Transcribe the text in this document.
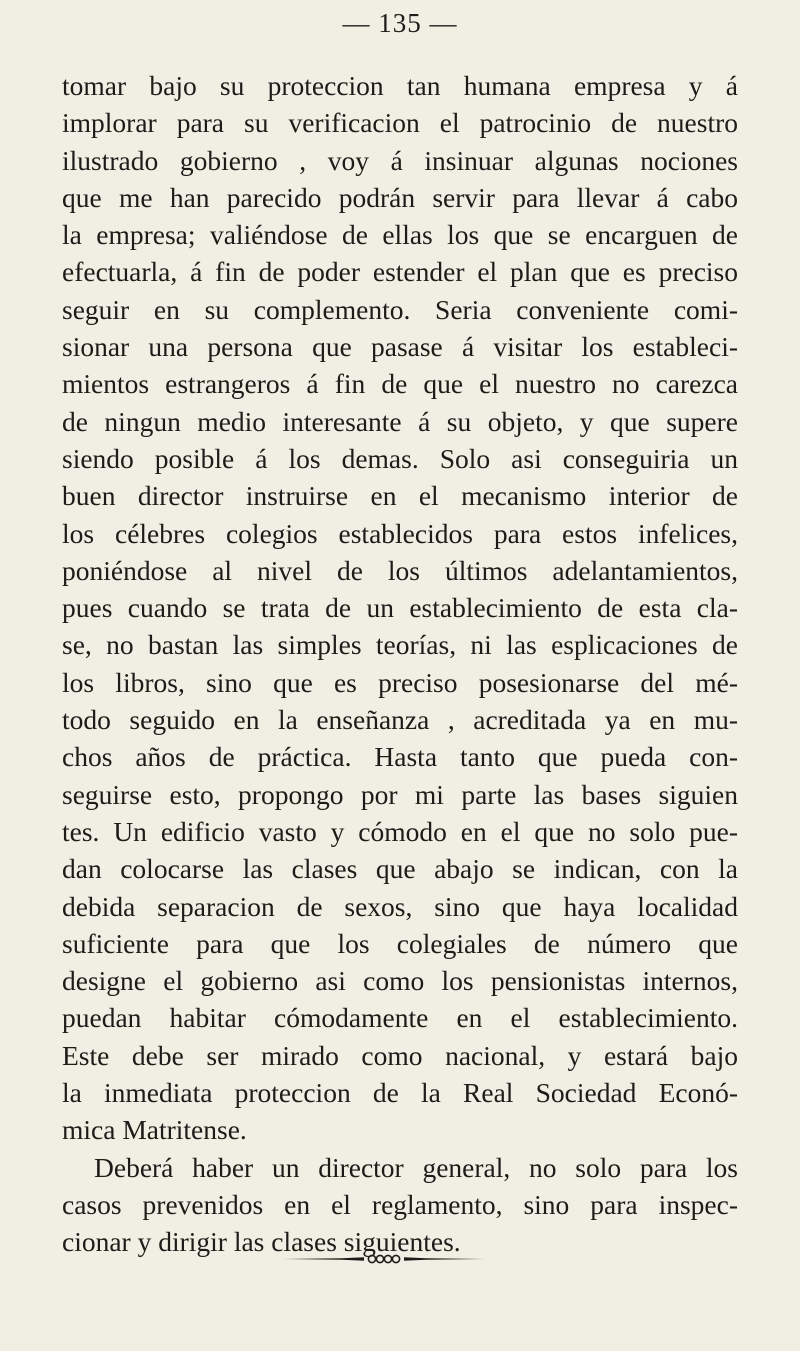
— 135 —
tomar bajo su proteccion tan humana empresa y á
implorar para su verificacion el patrocinio de nuestro
ilustrado gobierno , voy á insinuar algunas nociones
que me han parecido podrán servir para llevar á cabo
la empresa; valiéndose de ellas los que se encarguen de
efectuarla, á fin de poder estender el plan que es preciso
seguir en su complemento. Seria conveniente comi-
sionar una persona que pasase á visitar los estableci-
mientos estrangeros á fin de que el nuestro no carezca
de ningun medio interesante á su objeto, y que supere
siendo posible á los demas. Solo asi conseguiria un
buen director instruirse en el mecanismo interior de
los célebres colegios establecidos para estos infelices,
poniéndose al nivel de los últimos adelantamientos,
pues cuando se trata de un establecimiento de esta cla-
se, no bastan las simples teorías, ni las esplicaciones de
los libros, sino que es preciso posesionarse del mé-
todo seguido en la enseñanza , acreditada ya en mu-
chos años de práctica. Hasta tanto que pueda con-
seguirse esto, propongo por mi parte las bases siguien
tes. Un edificio vasto y cómodo en el que no solo pue-
dan colocarse las clases que abajo se indican, con la
debida separacion de sexos, sino que haya localidad
suficiente para que los colegiales de número que
designe el gobierno asi como los pensionistas internos,
puedan habitar cómodamente en el establecimiento.
Este debe ser mirado como nacional, y estará bajo
la inmediata proteccion de la Real Sociedad Econó-
mica Matritense.
Deberá haber un director general, no solo para los
casos prevenidos en el reglamento, sino para inspec-
cionar y dirigir las clases siguientes.
